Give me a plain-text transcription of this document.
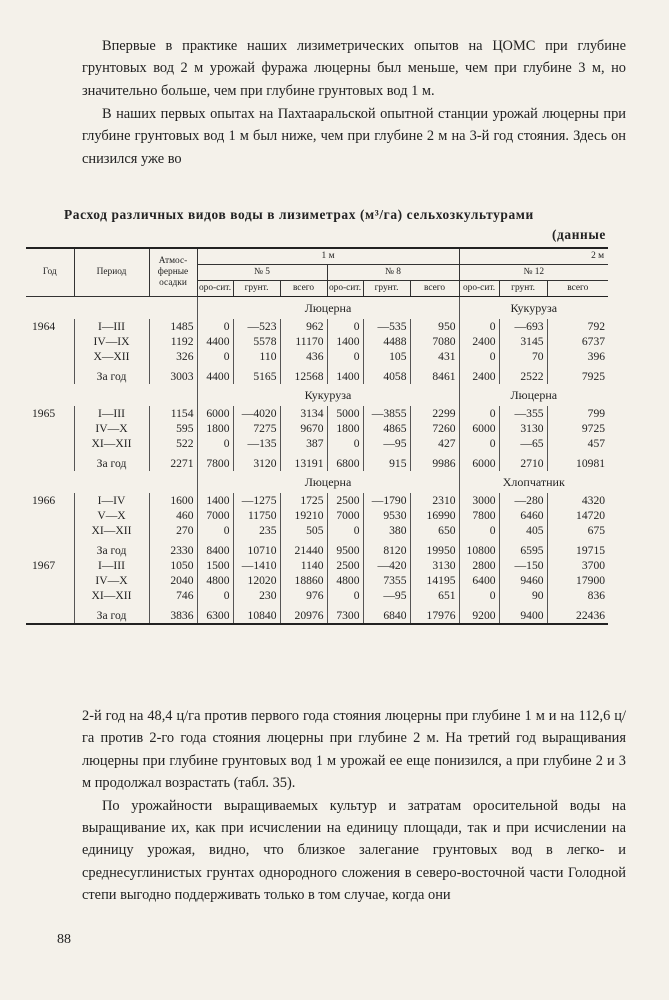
Впервые в практике наших лизиметрических опытов на ЦОМС при глубине грунтовых вод 2 м урожай фуража люцерны был меньше, чем при глубине 3 м, но значительно больше, чем при глубине грунтовых вод 1 м.

В наших первых опытах на Пахтааральской опытной станции урожай люцерны при глубине грунтовых вод 1 м был ниже, чем при глубине 2 м на 3-й год стояния. Здесь он снизился уже во

Расход различных видов воды в лизиметрах (м³/га) сельхозкультурами
(данные
Год	Период	Атмос-ферные осадки	1 м						2 м		
			№ 5			№ 8			№ 12		
			оро-сит.	грунт.	всего	оро-сит.	грунт.	всего	оро-сит.	грунт.	всего
			Люцерна						Кукуруза		
1964	I—III	1485	0	—523	962	0	—535	950	0	—693	792
	IV—IX	1192	4400	5578	11170	1400	4488	7080	2400	3145	6737
	X—XII	326	0	110	436	0	105	431	0	70	396

	За год	3003	4400	5165	12568	1400	4058	8461	2400	2522	7925
			Кукуруза						Люцерна		
1965	I—III	1154	6000	—4020	3134	5000	—3855	2299	0	—355	799
	IV—X	595	1800	7275	9670	1800	4865	7260	6000	3130	9725
	XI—XII	522	0	—135	387	0	—95	427	0	—65	457

	За год	2271	7800	3120	13191	6800	915	9986	6000	2710	10981
			Люцерна						Хлопчатник		
1966	I—IV	1600	1400	—1275	1725	2500	—1790	2310	3000	—280	4320
	V—X	460	7000	11750	19210	7000	9530	16990	7800	6460	14720
	XI—XII	270	0	235	505	0	380	650	0	405	675

	За год	2330	8400	10710	21440	9500	8120	19950	10800	6595	19715
1967	I—III	1050	1500	—1410	1140	2500	—420	3130	2800	—150	3700
	IV—X	2040	4800	12020	18860	4800	7355	14195	6400	9460	17900
	XI—XII	746	0	230	976	0	—95	651	0	90	836

	За год	3836	6300	10840	20976	7300	6840	17976	9200	9400	22436

2-й год на 48,4 ц/га против первого года стояния люцерны при глубине 1 м и на 112,6 ц/га против 2-го года стояния люцерны при глубине 2 м. На третий год выращивания люцерны при глубине грунтовых вод 1 м урожай ее еще понизился, а при глубине 2 и 3 м продолжал возрастать (табл. 35).

По урожайности выращиваемых культур и затратам оросительной воды на выращивание их, как при исчислении на единицу площади, так и при исчислении на единицу урожая, видно, что близкое залегание грунтовых вод в легко- и среднесуглинистых грунтах однородного сложения в северо-восточной части Голодной степи выгодно поддерживать только в том случае, когда они

88
